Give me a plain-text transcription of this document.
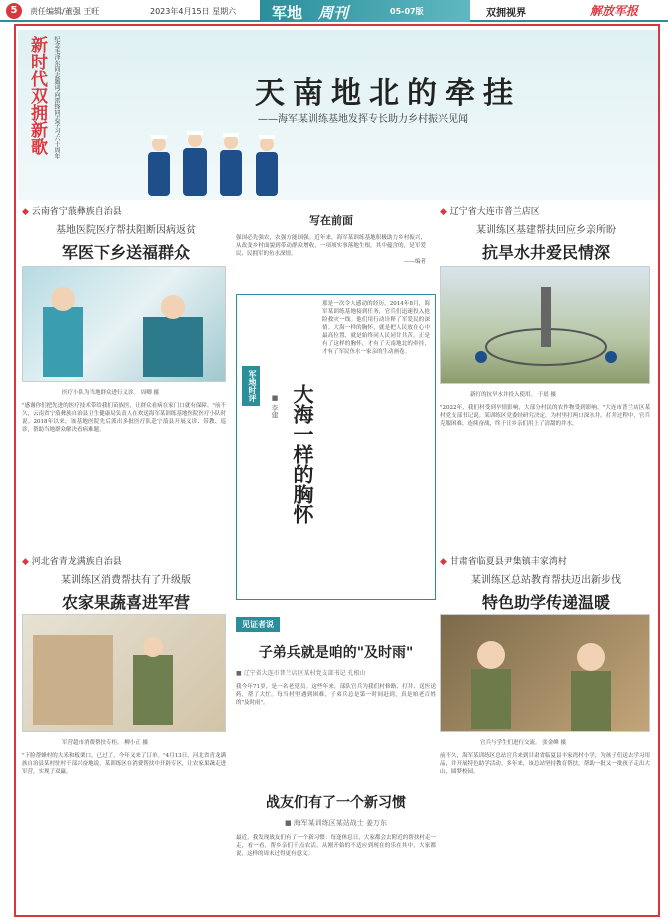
5	责任编辑/董强 王旺	2023年4月15日 星期六 军地 周刊	05-07版	双拥视界	解放军报
新时代双拥新歌 纪念毛泽东同志题词'向雷锋同志学习'六十周年	天南地北的牵挂
——海军某训练基地发挥专长助力乡村振兴见闻
写在前面
强国必先强农，农强方能国强。近年来，海军某训练基地积极助力乡村振兴，从改变乡村面貌到带动群众增收，一项项实事落地生根。其中蕴含的，是军爱民、民拥军的鱼水深情。
——编者
◆ 云南省宁蒗彝族自治县
基地医院医疗帮扶阻断因病返贫
军医下乡送福群众
医疗小队为当地群众进行义诊。 周卿 摄
"感谢你们把先进的医疗技术带给我们苗族医，让群众看病在家门口就有保障。"前不久，云南省宁蒗彝族自治县卫生健康局负责人在欢送海军某训练基地医院医疗小队时说。2018年以来，该基地医院先后派出多批医疗队赴宁蒗县开展义诊、带教、巡诊，帮助当地群众解决看病难题。
◆ 辽宁省大连市普兰店区
某训练区基建帮扶回应乡亲所盼
抗旱水井爱民情深
新打的抗旱水井投入使用。 于晨 摄
"2022年，我们村受到旱情影响，大部分村民的农作物受到影响。"大连市普兰店区某村党支部书记说。某训练区党委经研究决定，为村里打两口深水井。打井过程中，官兵克服困难，连续奋战，终于让乡亲们用上了清甜的井水。
军地时评 大海一样的胸怀
■ 李建
那是一次令人感动的经历。2014年8月，海军某训练基地接到任务，官兵们迅速投入抢险救灾一线。他们用行动诠释了军爱民的深情。大海一样的胸怀，就是把人民放在心中最高位置，就是始终同人民同甘共苦。正是有了这样的胸怀，才有了天南地北的牵挂，才有了军民鱼水一家亲的生动画卷。
◆ 河北省青龙满族自治县
某训练区消费帮扶有了升级版
农家果蔬喜进军营
军营超市消费帮扶专柜。 柳小正 摄
"下脸帮蜂村的大米和板栗口，已过了，今年又来了订单。"4月13日，河北省青龙满族自治县某村驻村干部兴奋地说。某训练区在消费帮扶中开辟专区，让农家果蔬走进军营，实现了双赢。
◆ 甘肃省临夏县尹集镇丰家湾村
某训练区总站教育帮扶迈出新步伐
特色助学传递温暖
官兵与学生们进行交流。 张金峰 摄
前不久，海军某训练区总站官兵来到甘肃省临夏县丰家湾村小学，为孩子们送去学习用品，并开展特色助学活动。多年来，该总站坚持教育帮扶，帮助一批又一批孩子走出大山，圆梦校园。
见证者说
子弟兵就是咱的"及时雨"
■ 辽宁省大连市普兰店区某村党支部书记 孔根山
我今年71岁，是一名老党员。这些年来，部队官兵为我们村修路、打井、送医送药，帮了大忙。每当村里遇到困难，子弟兵总是第一时间赶到，真是咱老百姓的"及时雨"。
战友们有了一个新习惯
■ 海军某训练区某站战士 姜万东
最近，我发现战友们有了一个新习惯：每逢休息日，大家都会去附近的帮扶村走一走，看一看，帮乡亲们干点农活。从刚开始的不适应到现在的乐在其中，大家都说，这样的周末过得更有意义。
